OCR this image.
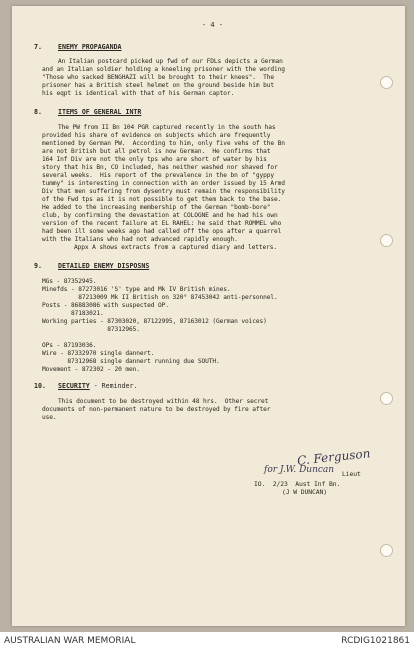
- 4 -
7. ENEMY PROPAGANDA
An Italian postcard picked up fwd of our FDLs depicts a German
and an Italian soldier holding a kneeling prisoner with the wording
"Those who sacked BENGHAZI will be brought to their knees".  The
prisoner has a British steel helmet on the ground beside him but
his eqpt is identical with that of his German captor.
8. ITEMS OF GENERAL INTR
The PW from II Bn 104 PGR captured recently in the south has
provided his share of evidence on subjects which are frequently
mentioned by German PW.  According to him, only five vehs of the Bn
are not British but all petrol is now German.  He confirms that
164 Inf Div are not the only tps who are short of water by his
story that his Bn, CO included, has neither washed nor shaved for
several weeks.  His report of the prevalence in the bn of "gyppy
tummy" is interesting in connection with an order issued by 15 Armd
Div that men suffering from dysentry must remain the responsibility
of the Fwd tps as it is not possible to get them back to the base.
He added to the increasing membership of the German "bomb-bore"
club, by confirming the devastation at COLOGNE and he had his own
version of the recent failure at EL RAHEL: he said that ROMMEL who
had been ill some weeks ago had called off the ops after a quarrel
with the Italians who had not advanced rapidly enough.
Appx A shows extracts from a captured diary and letters.
9. DETAILED ENEMY DISPOSNS
MGs - 87352945.
Minefds - 87273016 'S' type and Mk IV British mines.
87213009 Mk II British on 320° 87453042 anti-personnel.
Posts - 86883086 with suspected OP.
87183021.
Working parties - 87303020, 87122995, 87163012 (German voices)
87312965.
OPs - 87193036.
Wire - 87332970 single dannert.
87312968 single dannert running due SOUTH.
Movement - 872302 - 20 men.
10. SECURITY - Reminder.
This document to be destroyed within 48 hrs.  Other secret
documents of non-permanent nature to be destroyed by fire after
use.
C. Ferguson
for J.W. Duncan Lieut
IO.  2/23  Aust Inf Bn.
(J W DUNCAN)
AUSTRALIAN WAR MEMORIAL	RCDIG1021861
